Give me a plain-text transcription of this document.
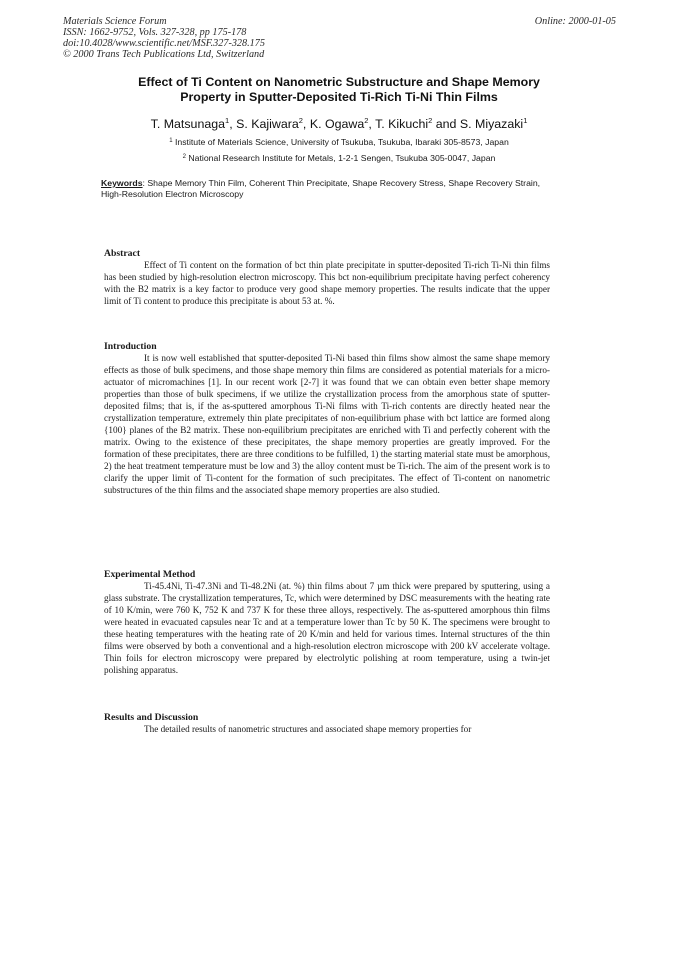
Materials Science Forum
ISSN: 1662-9752, Vols. 327-328, pp 175-178
doi:10.4028/www.scientific.net/MSF.327-328.175
© 2000 Trans Tech Publications Ltd, Switzerland
Online: 2000-01-05
Effect of Ti Content on Nanometric Substructure and Shape Memory
Property in Sputter-Deposited Ti-Rich Ti-Ni Thin Films
T. Matsunaga$^1$, S. Kajiwara$^2$, K. Ogawa$^2$, T. Kikuchi$^2$ and S. Miyazaki$^1$
$^1$ Institute of Materials Science, University of Tsukuba, Tsukuba, Ibaraki 305-8573, Japan
$^2$ National Research Institute for Metals, 1-2-1 Sengen, Tsukuba 305-0047, Japan
Keywords: Shape Memory Thin Film, Coherent Thin Precipitate, Shape Recovery Stress, Shape Recovery Strain, High-Resolution Electron Microscopy
Abstract
Effect of Ti content on the formation of bct thin plate precipitate in sputter-deposited Ti-rich Ti-Ni thin films has been studied by high-resolution electron microscopy. This bct non-equilibrium precipitate having perfect coherency with the B2 matrix is a key factor to produce very good shape memory properties. The results indicate that the upper limit of Ti content to produce this precipitate is about 53 at. %.
Introduction
It is now well established that sputter-deposited Ti-Ni based thin films show almost the same shape memory effects as those of bulk specimens, and those shape memory thin films are considered as potential materials for a micro-actuator of micromachines [1]. In our recent work [2-7] it was found that we can obtain even better shape memory properties than those of bulk specimens, if we utilize the crystallization process from the amorphous state of sputter-deposited films; that is, if the as-sputtered amorphous Ti-Ni films with Ti-rich contents are directly heated near the crystallization temperature, extremely thin plate precipitates of non-equilibrium phase with bct lattice are formed along {100} planes of the B2 matrix. These non-equilibrium precipitates are enriched with Ti and perfectly coherent with the matrix. Owing to the existence of these precipitates, the shape memory properties are greatly improved. For the formation of these precipitates, there are three conditions to be fulfilled, 1) the starting material state must be amorphous, 2) the heat treatment temperature must be low and 3) the alloy content must be Ti-rich. The aim of the present work is to clarify the upper limit of Ti-content for the formation of such precipitates. The effect of Ti-content on nanometric substructures of the thin films and the associated shape memory properties are also studied.
Experimental Method
Ti-45.4Ni, Ti-47.3Ni and Ti-48.2Ni (at. %) thin films about 7 µm thick were prepared by sputtering, using a glass substrate. The crystallization temperatures, Tc, which were determined by DSC measurements with the heating rate of 10 K/min, were 760 K, 752 K and 737 K for these three alloys, respectively. The as-sputtered amorphous thin films were heated in evacuated capsules near Tc and at a temperature lower than Tc by 50 K. The specimens were brought to these heating temperatures with the heating rate of 20 K/min and held for various times. Internal structures of the thin films were observed by both a conventional and a high-resolution electron microscope with 200 kV accelerate voltage. Thin foils for electron microscopy were prepared by electrolytic polishing at room temperature, using a twin-jet polishing apparatus.
Results and Discussion
The detailed results of nanometric structures and associated shape memory properties for
